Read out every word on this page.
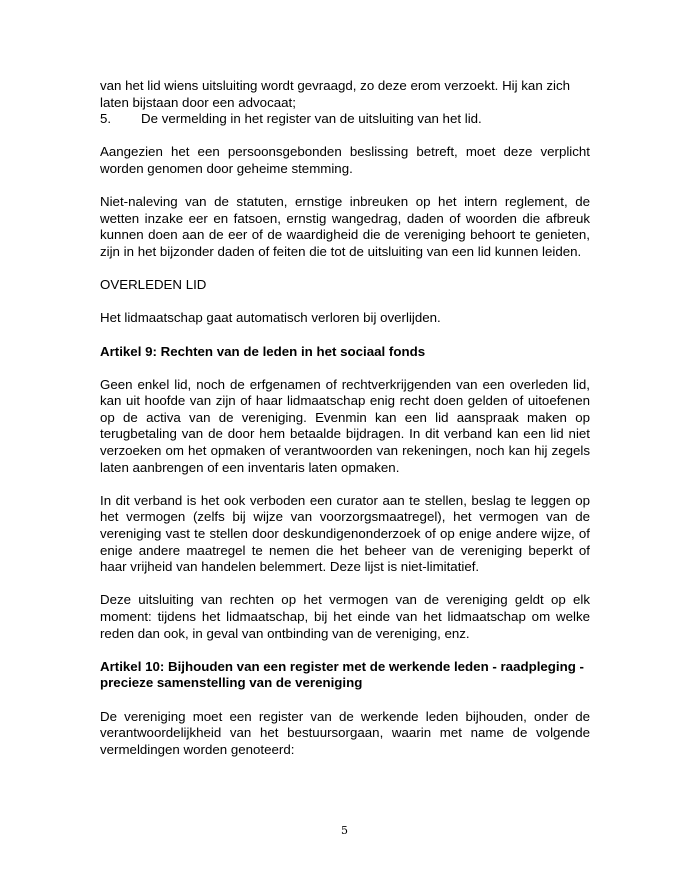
van het lid wiens uitsluiting wordt gevraagd, zo deze erom verzoekt. Hij kan zich laten bijstaan door een advocaat;

5.	De vermelding in het register van de uitsluiting van het lid.

Aangezien het een persoonsgebonden beslissing betreft, moet deze verplicht worden genomen door geheime stemming.

Niet-naleving van de statuten, ernstige inbreuken op het intern reglement, de wetten inzake eer en fatsoen, ernstig wangedrag, daden of woorden die afbreuk kunnen doen aan de eer of de waardigheid die de vereniging behoort te genieten, zijn in het bijzonder daden of feiten die tot de uitsluiting van een lid kunnen leiden.

OVERLEDEN LID

Het lidmaatschap gaat automatisch verloren bij overlijden.

Artikel 9: Rechten van de leden in het sociaal fonds

Geen enkel lid, noch de erfgenamen of rechtverkrijgenden van een overleden lid, kan uit hoofde van zijn of haar lidmaatschap enig recht doen gelden of uitoefenen op de activa van de vereniging. Evenmin kan een lid aanspraak maken op terugbetaling van de door hem betaalde bijdragen. In dit verband kan een lid niet verzoeken om het opmaken of verantwoorden van rekeningen, noch kan hij zegels laten aanbrengen of een inventaris laten opmaken.

In dit verband is het ook verboden een curator aan te stellen, beslag te leggen op het vermogen (zelfs bij wijze van voorzorgsmaatregel), het vermogen van de vereniging vast te stellen door deskundigenonderzoek of op enige andere wijze, of enige andere maatregel te nemen die het beheer van de vereniging beperkt of haar vrijheid van handelen belemmert. Deze lijst is niet-limitatief.

Deze uitsluiting van rechten op het vermogen van de vereniging geldt op elk moment: tijdens het lidmaatschap, bij het einde van het lidmaatschap om welke reden dan ook, in geval van ontbinding van de vereniging, enz.

Artikel 10: Bijhouden van een register met de werkende leden - raadpleging - precieze samenstelling van de vereniging

De vereniging moet een register van de werkende leden bijhouden, onder de verantwoordelijkheid van het bestuursorgaan, waarin met name de volgende vermeldingen worden genoteerd:

5
